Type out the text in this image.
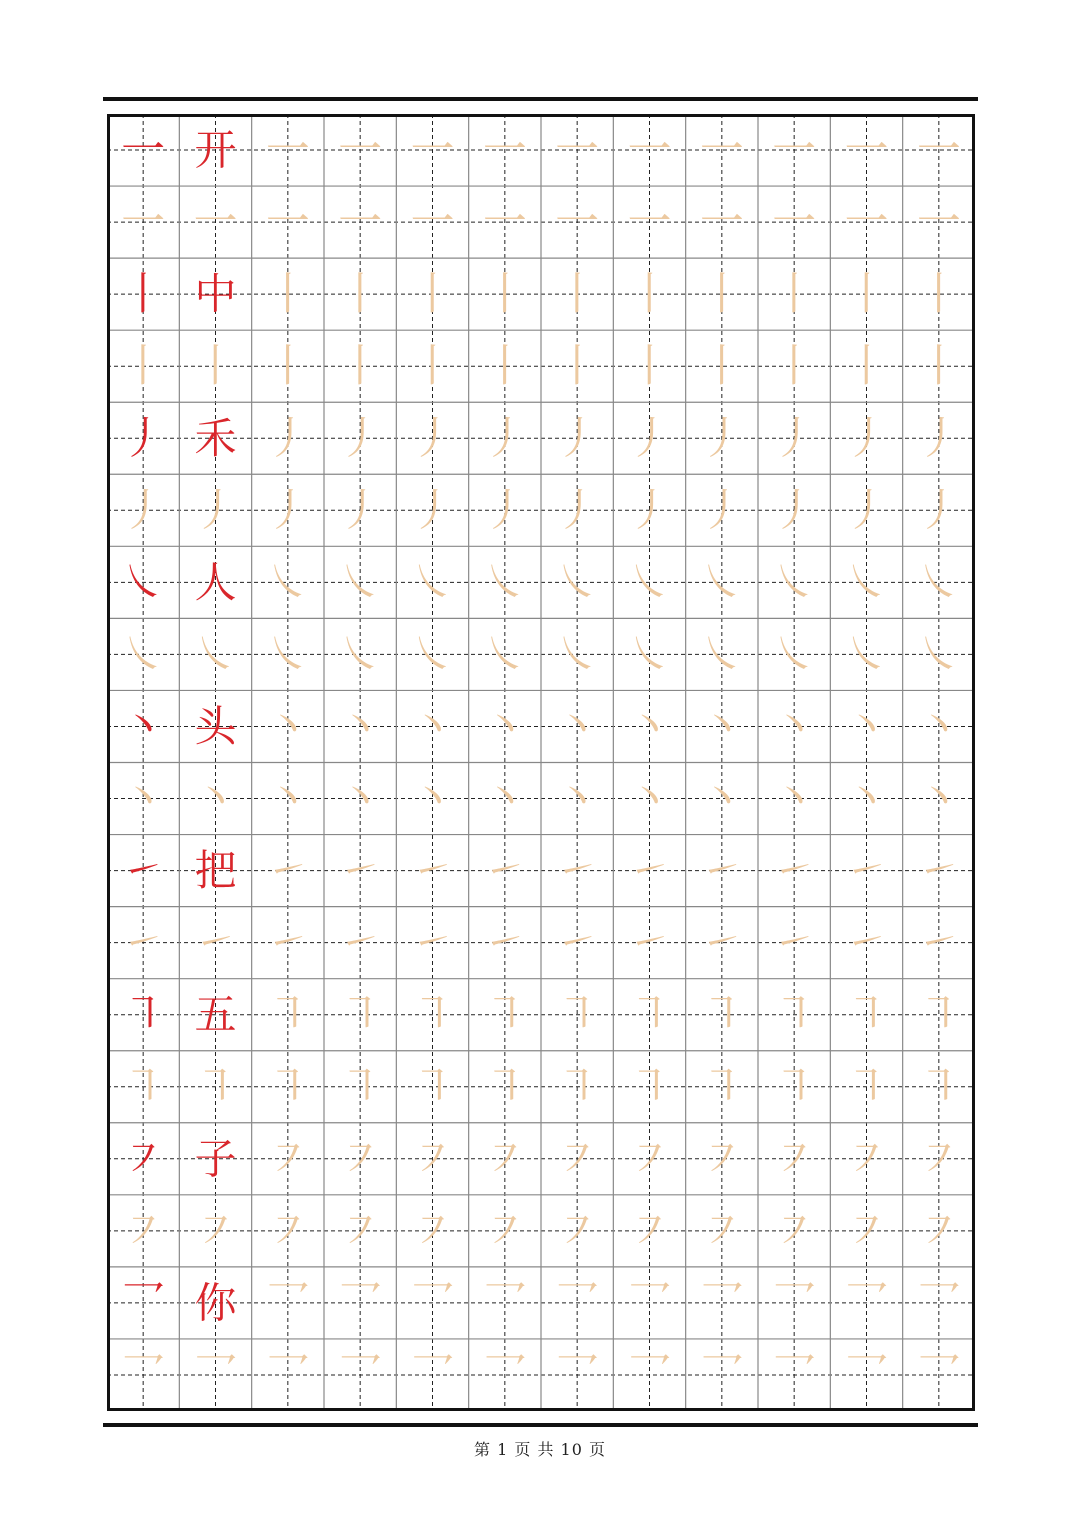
一 开 一 一 一 一 一 一 一 一 一 一
一 一 一 一 一 一 一 一 一 一 一 一
丨 中 丨 丨 丨 丨 丨 丨 丨 丨 丨 丨
丨 丨 丨 丨 丨 丨 丨 丨 丨 丨 丨 丨
丿 禾 丿 丿 丿 丿 丿 丿 丿 丿 丿 丿
丿 丿 丿 丿 丿 丿 丿 丿 丿 丿 丿 丿
㇏ 人 ㇏ ㇏ ㇏ ㇏ ㇏ ㇏ ㇏ ㇏ ㇏ ㇏
㇏ ㇏ ㇏ ㇏ ㇏ ㇏ ㇏ ㇏ ㇏ ㇏ ㇏ ㇏
丶 头 丶 丶 丶 丶 丶 丶 丶 丶 丶 丶
丶 丶 丶 丶 丶 丶 丶 丶 丶 丶 丶 丶
㇀ 把 ㇀ ㇀ ㇀ ㇀ ㇀ ㇀ ㇀ ㇀ ㇀ ㇀
㇀ ㇀ ㇀ ㇀ ㇀ ㇀ ㇀ ㇀ ㇀ ㇀ ㇀ ㇀
㇕ 五 ㇕ ㇕ ㇕ ㇕ ㇕ ㇕ ㇕ ㇕ ㇕ ㇕
㇕ ㇕ ㇕ ㇕ ㇕ ㇕ ㇕ ㇕ ㇕ ㇕ ㇕ ㇕
㇇ 子 ㇇ ㇇ ㇇ ㇇ ㇇ ㇇ ㇇ ㇇ ㇇ ㇇
㇇ ㇇ ㇇ ㇇ ㇇ ㇇ ㇇ ㇇ ㇇ ㇇ ㇇ ㇇
乛 你 乛 乛 乛 乛 乛 乛 乛 乛 乛 乛
乛 乛 乛 乛 乛 乛 乛 乛 乛 乛 乛 乛
第 1 页 共 10 页
